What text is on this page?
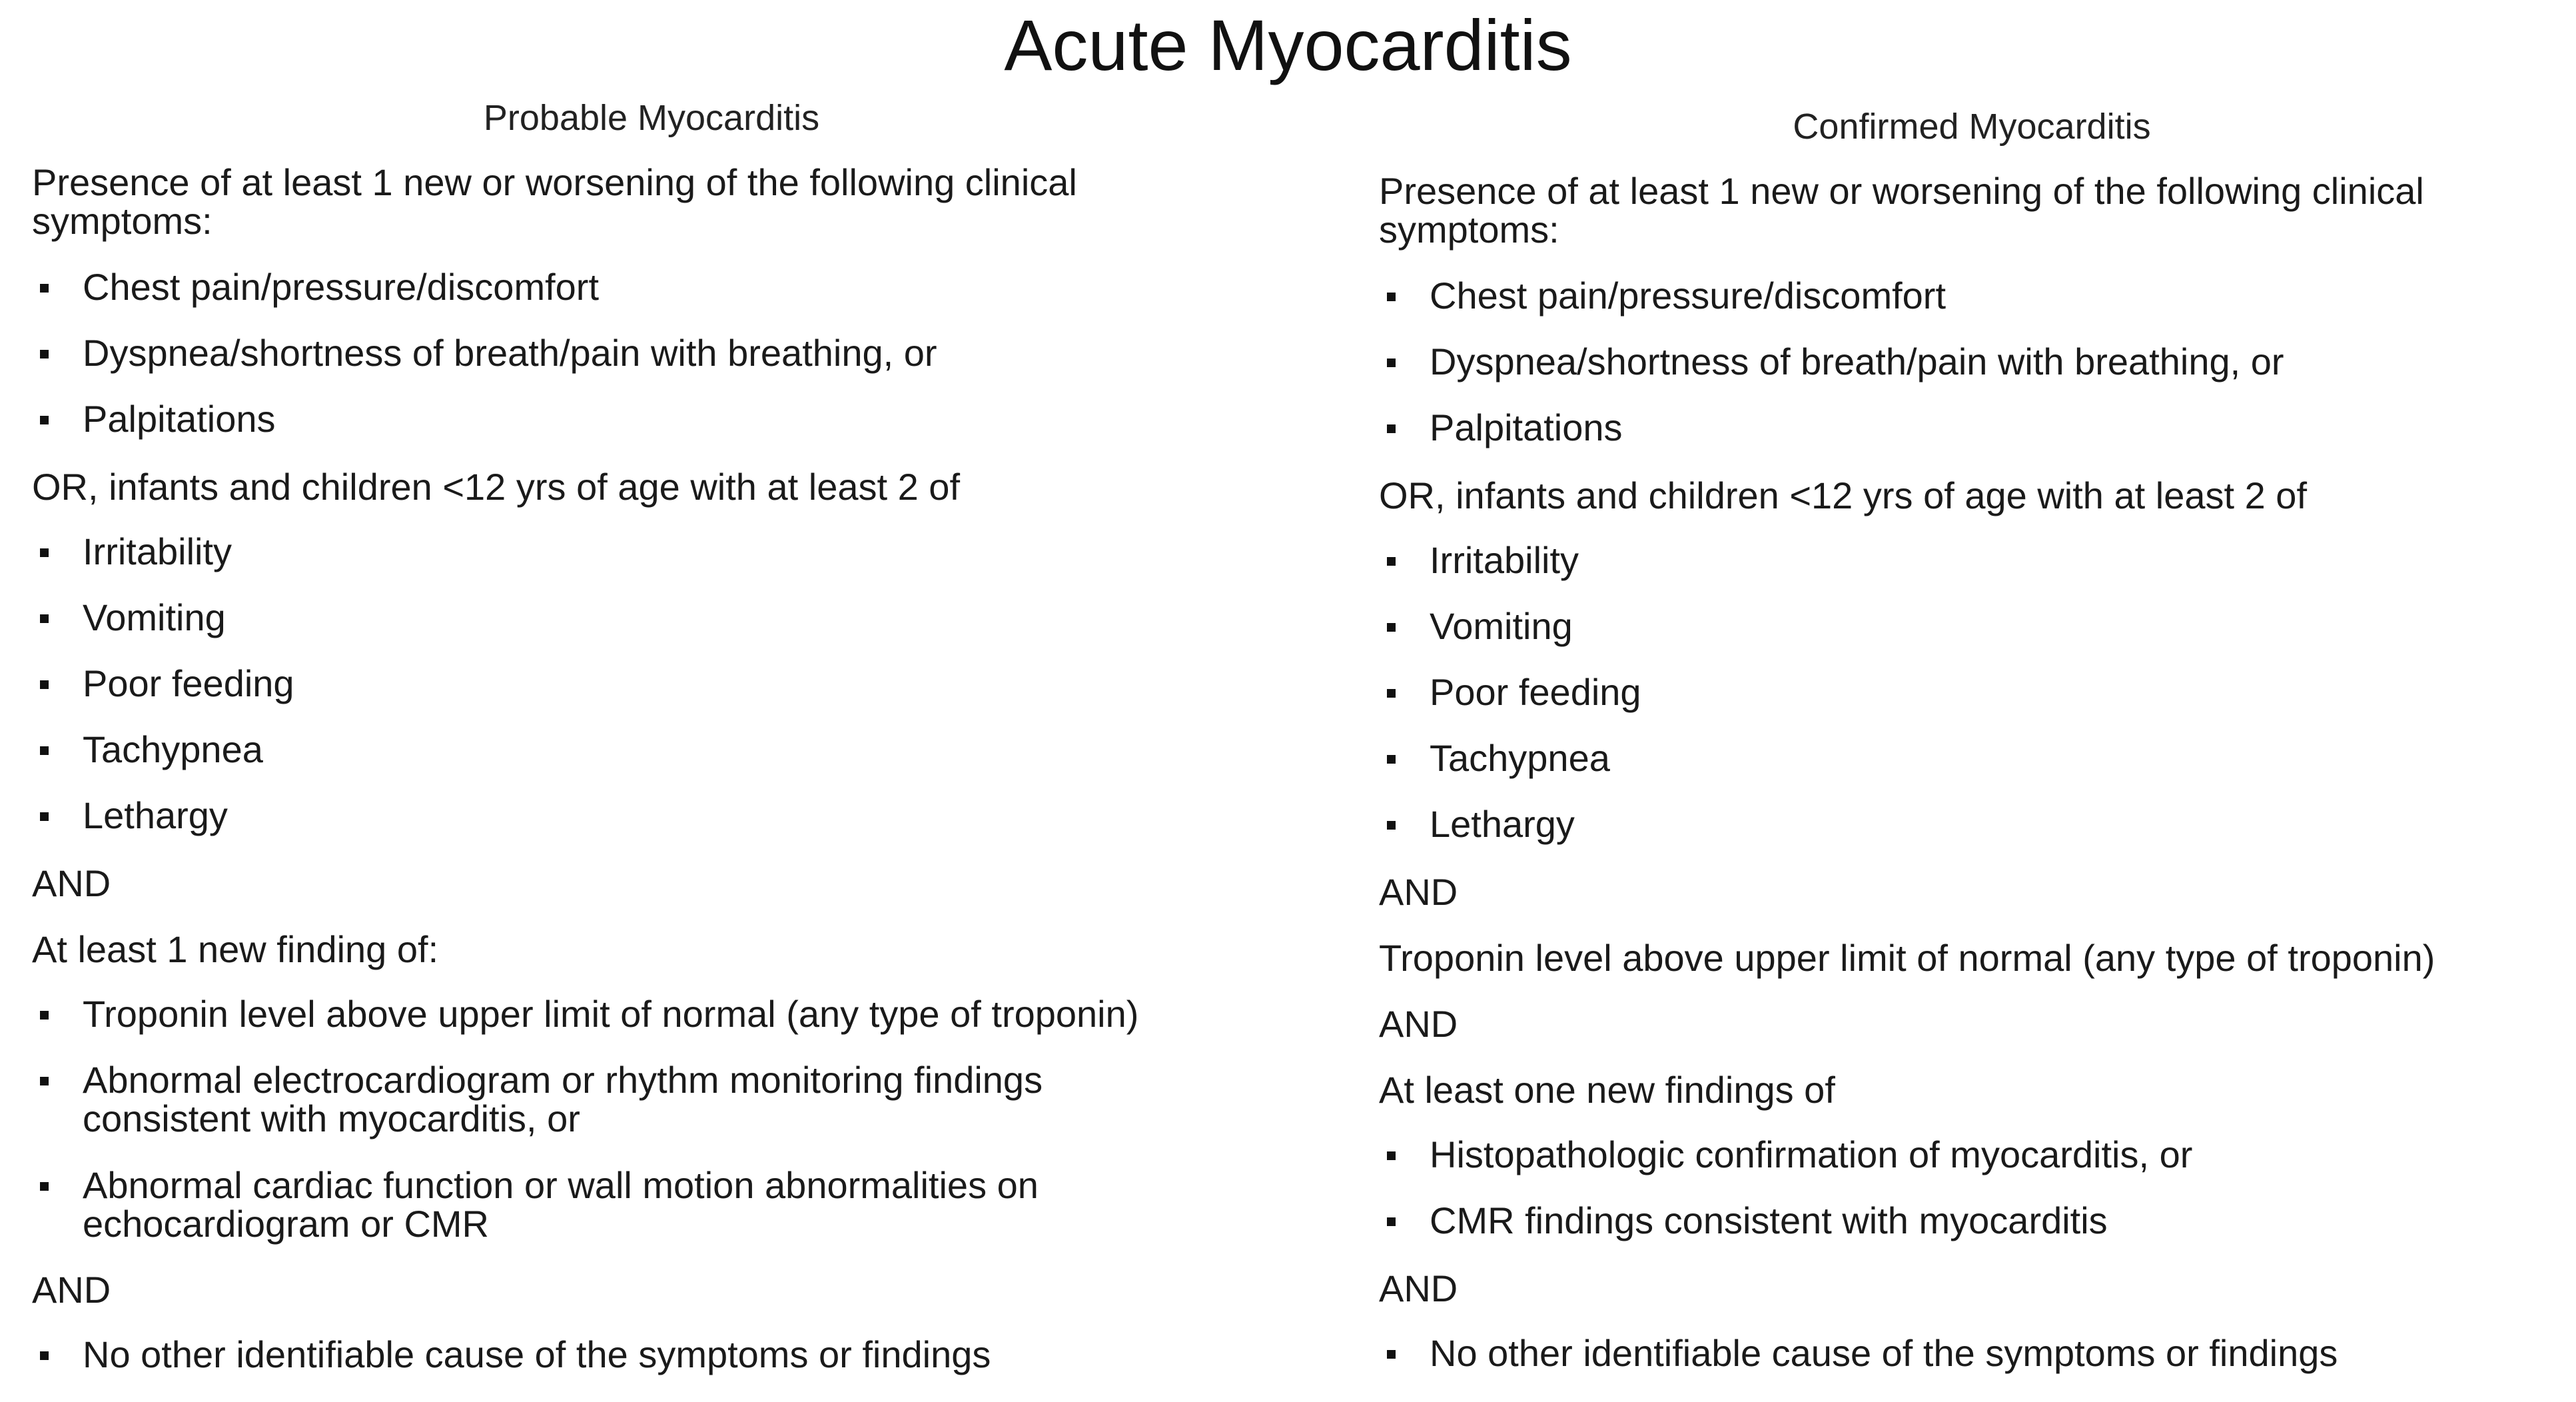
Acute Myocarditis
Probable Myocarditis
Presence of at least 1 new or worsening of the following clinical symptoms:
Chest pain/pressure/discomfort
Dyspnea/shortness of breath/pain with breathing, or
Palpitations
OR, infants and children <12 yrs of age with at least 2 of
Irritability
Vomiting
Poor feeding
Tachypnea
Lethargy
AND
At least 1 new finding of:
Troponin level above upper limit of normal (any type of troponin)
Abnormal electrocardiogram or rhythm monitoring findings consistent with myocarditis, or
Abnormal cardiac function or wall motion abnormalities on echocardiogram or CMR
AND
No other identifiable cause of the symptoms or findings
Confirmed Myocarditis
Presence of at least 1 new or worsening of the following clinical symptoms:
Chest pain/pressure/discomfort
Dyspnea/shortness of breath/pain with breathing, or
Palpitations
OR, infants and children <12 yrs of age with at least 2 of
Irritability
Vomiting
Poor feeding
Tachypnea
Lethargy
AND
Troponin level above upper limit of normal (any type of troponin)
AND
At least one new findings of
Histopathologic confirmation of myocarditis, or
CMR findings consistent with myocarditis
AND
No other identifiable cause of the symptoms or findings
